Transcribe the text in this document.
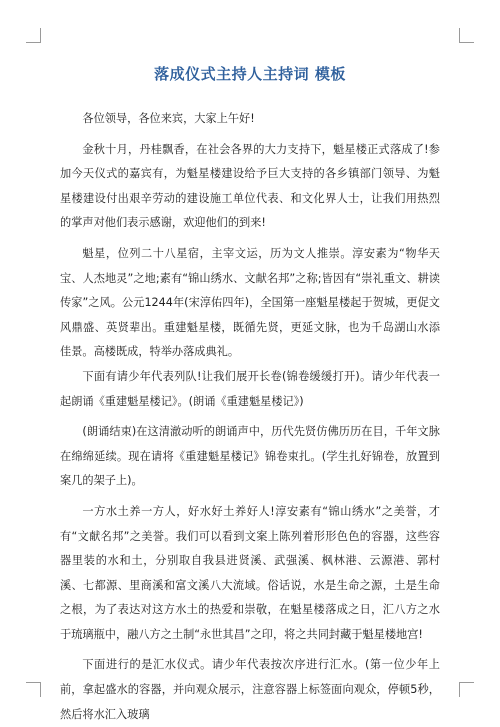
落成仪式主持人主持词 模板

各位领导，各位来宾，大家上午好!

金秋十月，丹桂飘香，在社会各界的大力支持下，魁星楼正式落成了!参加今天仪式的嘉宾有，为魁星楼建设给予巨大支持的各乡镇部门领导、为魁星楼建设付出艰辛劳动的建设施工单位代表、和文化界人士，让我们用热烈的掌声对他们表示感谢，欢迎他们的到来!

魁星，位列二十八星宿，主宰文运，历为文人推崇。淳安素为“物华天宝、人杰地灵”之地;素有“锦山绣水、文献名邦”之称;皆因有“崇礼重文、耕读传家”之风。公元1244年(宋淳佑四年)，全国第一座魁星楼起于贺城，更促文风鼎盛、英贤辈出。重建魁星楼，既循先贤，更延文脉，也为千岛湖山水添佳景。高楼既成，特举办落成典礼。

下面有请少年代表列队!让我们展开长卷(锦卷缓缓打开)。请少年代表一起朗诵《重建魁星楼记》。(朗诵《重建魁星楼记》)

(朗诵结束)在这清澈动听的朗诵声中，历代先贤仿佛历历在目，千年文脉在绵绵延续。现在请将《重建魁星楼记》锦卷束扎。(学生扎好锦卷，放置到案几的架子上)。

一方水土养一方人，好水好土养好人!淳安素有“锦山绣水”之美誉，才有“文献名邦”之美誉。我们可以看到文案上陈列着形形色色的容器，这些容器里装的水和土，分别取自我县进贤溪、武强溪、枫林港、云源港、郭村溪、七都源、里商溪和富文溪八大流域。俗话说，水是生命之源，土是生命之根，为了表达对这方水土的热爱和崇敬，在魁星楼落成之日，汇八方之水于琉璃瓶中，融八方之土制“永世其昌”之印，将之共同封藏于魁星楼地宫!

下面进行的是汇水仪式。请少年代表按次序进行汇水。(第一位少年上前，拿起盛水的容器，并向观众展示，注意容器上标签面向观众，停顿5秒，然后将水汇入玻璃
